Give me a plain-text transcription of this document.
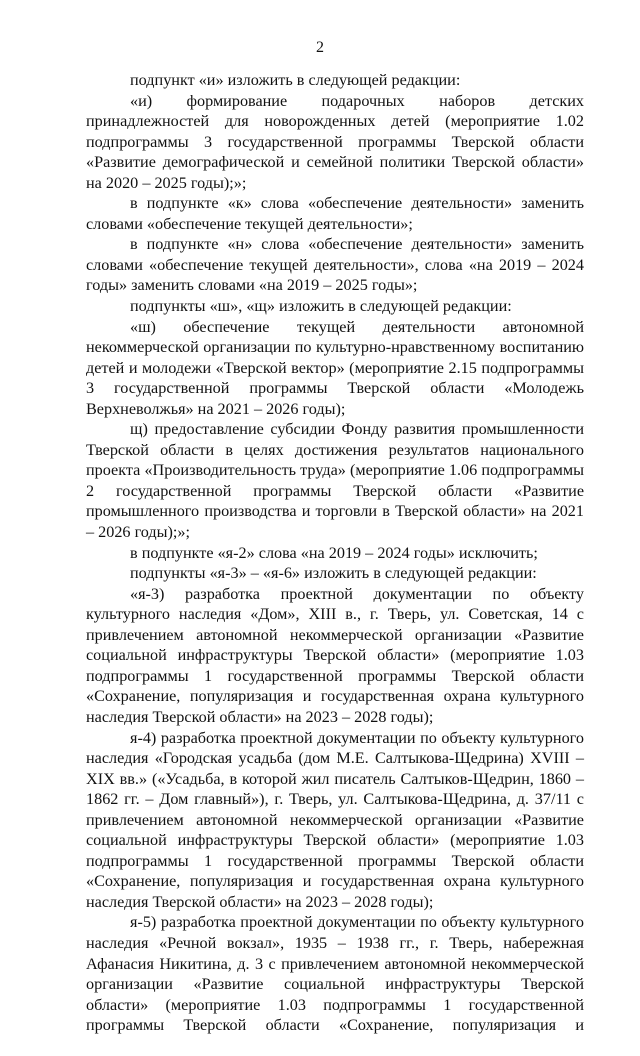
2

подпункт «и» изложить в следующей редакции:

«и) формирование подарочных наборов детских принадлежностей для новорожденных детей (мероприятие 1.02 подпрограммы 3 государственной программы Тверской области «Развитие демографической и семейной политики Тверской области» на 2020 – 2025 годы);»;

в подпункте «к» слова «обеспечение деятельности» заменить словами «обеспечение текущей деятельности»;

в подпункте «н» слова «обеспечение деятельности» заменить словами «обеспечение текущей деятельности», слова «на 2019 – 2024 годы» заменить словами «на 2019 – 2025 годы»;

подпункты «ш», «щ» изложить в следующей редакции:

«ш) обеспечение текущей деятельности автономной некоммерческой организации по культурно-нравственному воспитанию детей и молодежи «Тверской вектор» (мероприятие 2.15 подпрограммы 3 государственной программы Тверской области «Молодежь Верхневолжья» на 2021 – 2026 годы);

щ) предоставление субсидии Фонду развития промышленности Тверской области в целях достижения результатов национального проекта «Производительность труда» (мероприятие 1.06 подпрограммы 2 государственной программы Тверской области «Развитие промышленного производства и торговли в Тверской области» на 2021 – 2026 годы);»;

в подпункте «я-2» слова «на 2019 – 2024 годы» исключить;

подпункты «я-3» – «я-6» изложить в следующей редакции:

«я-3) разработка проектной документации по объекту культурного наследия «Дом», XIII в., г. Тверь, ул. Советская, 14 с привлечением автономной некоммерческой организации «Развитие социальной инфраструктуры Тверской области» (мероприятие 1.03 подпрограммы 1 государственной программы Тверской области «Сохранение, популяризация и государственная охрана культурного наследия Тверской области» на 2023 – 2028 годы);

я-4) разработка проектной документации по объекту культурного наследия «Городская усадьба (дом М.Е. Салтыкова-Щедрина) XVIII – XIX вв.» («Усадьба, в которой жил писатель Салтыков-Щедрин, 1860 – 1862 гг. – Дом главный»), г. Тверь, ул. Салтыкова-Щедрина, д. 37/11 с привлечением автономной некоммерческой организации «Развитие социальной инфраструктуры Тверской области» (мероприятие 1.03 подпрограммы 1 государственной программы Тверской области «Сохранение, популяризация и государственная охрана культурного наследия Тверской области» на 2023 – 2028 годы);

я-5) разработка проектной документации по объекту культурного наследия «Речной вокзал», 1935 – 1938 гг., г. Тверь, набережная Афанасия Никитина, д. 3 с привлечением автономной некоммерческой организации «Развитие социальной инфраструктуры Тверской области» (мероприятие 1.03 подпрограммы 1 государственной программы Тверской области «Сохранение, популяризация и
